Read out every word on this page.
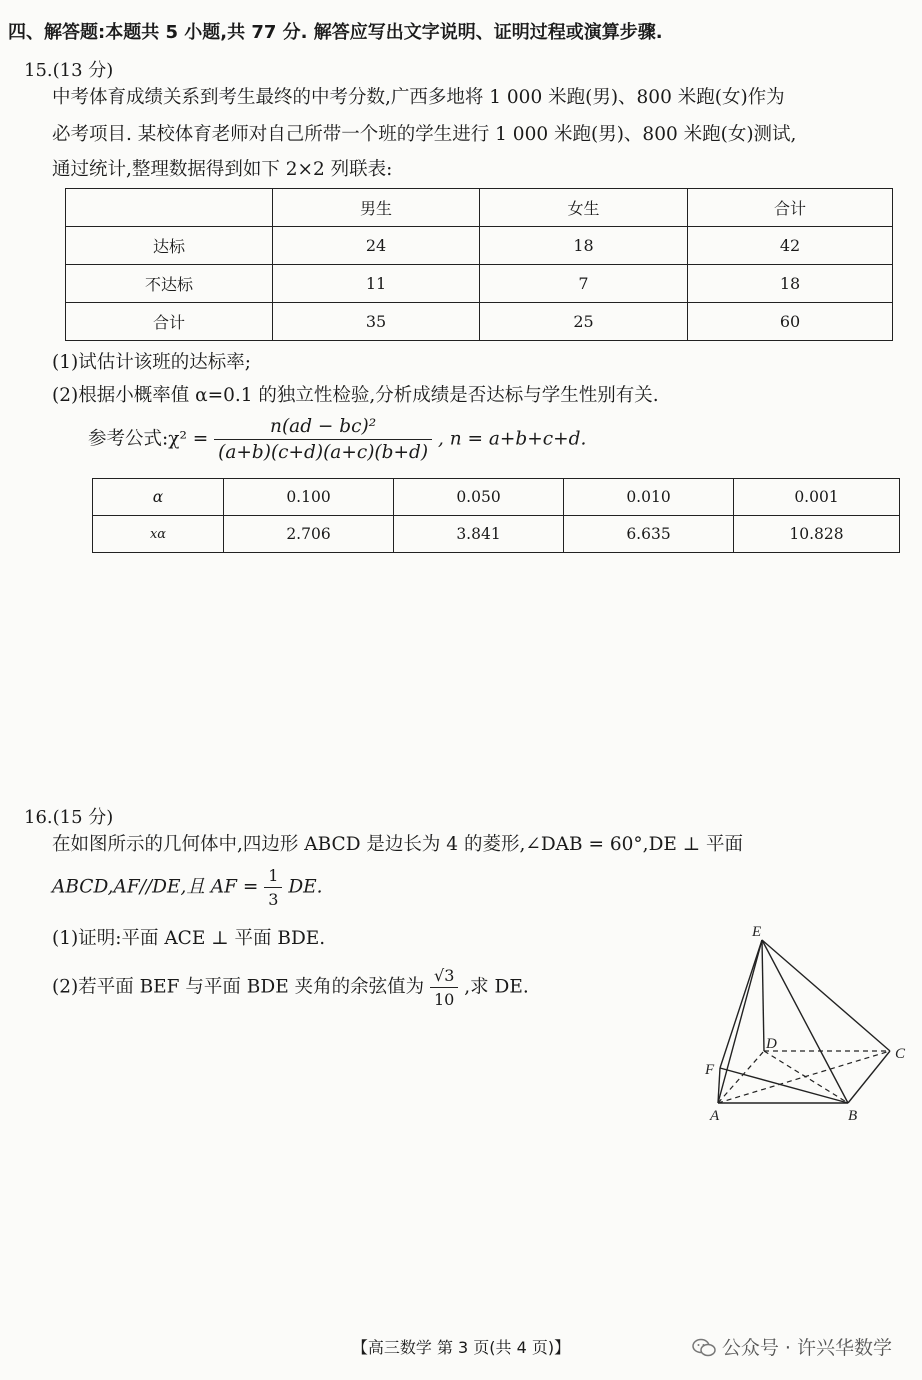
四、解答题:本题共 5 小题,共 77 分. 解答应写出文字说明、证明过程或演算步骤.
15.(13 分)
中考体育成绩关系到考生最终的中考分数,广西多地将 1 000 米跑(男)、800 米跑(女)作为
必考项目. 某校体育老师对自己所带一个班的学生进行 1 000 米跑(男)、800 米跑(女)测试,
通过统计,整理数据得到如下 2×2 列联表:
	男生	女生	合计
达标	24	18	42
不达标	11	7	18
合计	35	25	60
(1)试估计该班的达标率;
(2)根据小概率值 α=0.1 的独立性检验,分析成绩是否达标与学生性别有关.
参考公式:χ² = $\frac{\text{n(ad − bc)²}}{(a+b)(c+d)(a+c)(b+d)}$ , n = a+b+c+d.
α	0.100	0.050	0.010	0.001
xα	2.706	3.841	6.635	10.828
16.(15 分)
在如图所示的几何体中,四边形 ABCD 是边长为 4 的菱形,∠DAB = 60°,DE ⊥ 平面
ABCD,AF//DE,且 AF = $\frac{1}{3}$ DE.
(1)证明:平面 ACE ⊥ 平面 BDE.
(2)若平面 BEF 与平面 BDE 夹角的余弦值为 $\frac{√3}{10}$ ,求 DE.
E
D
C
F
A	B
【高三数学 第 3 页(共 4 页)】	公众号 · 许兴华数学
